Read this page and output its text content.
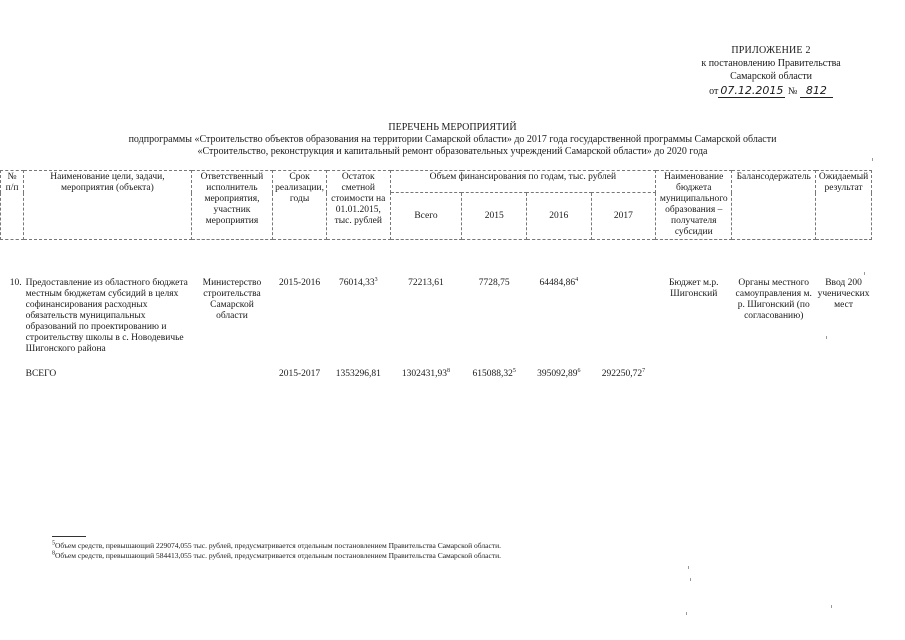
ПРИЛОЖЕНИЕ 2
к постановлению Правительства
Самарской области
от 07.12.2015 № 812
ПЕРЕЧЕНЬ МЕРОПРИЯТИЙ
подпрограммы «Строительство объектов образования на территории Самарской области» до 2017 года государственной программы Самарской области
«Строительство, реконструкция и капитальный ремонт образовательных учреждений Самарской области» до 2020 года
№ п/п	Наименование цели, задачи, мероприятия (объекта)	Ответственный исполнитель мероприятия, участник мероприятия	Срок реализации, годы	Остаток сметной стоимости на 01.01.2015, тыс. рублей	Объем финансирования по годам, тыс. рублей				Наименование бюджета муниципального образования – получателя субсидии	Балансодержатель	Ожидаемый результат
					Всего	2015	2016	2017			
10.	Предоставление из областного бюджета местным бюджетам субсидий в целях софинансирования расходных обязательств муниципальных образований по проектированию и строительству школы в с. Новодевичье Шигонского района	Министерство строительства Самарской области	2015-2016	76014,33$^3$	72213,61	7728,75	64484,86$^4$		Бюджет м.р. Шигонский	Органы местного самоуправления м. р. Шигонский (по согласованию)	Ввод 200 ученических мест
	ВСЕГО		2015-2017	1353296,81	1302431,93$^8$	615088,32$^5$	395092,89$^6$	292250,72$^7$			
$^5$Объем средств, превышающий 229074,055 тыс. рублей, предусматривается отдельным постановлением Правительства Самарской области.
$^8$Объем средств, превышающий 584413,055 тыс. рублей, предусматривается отдельным постановлением Правительства Самарской области.
